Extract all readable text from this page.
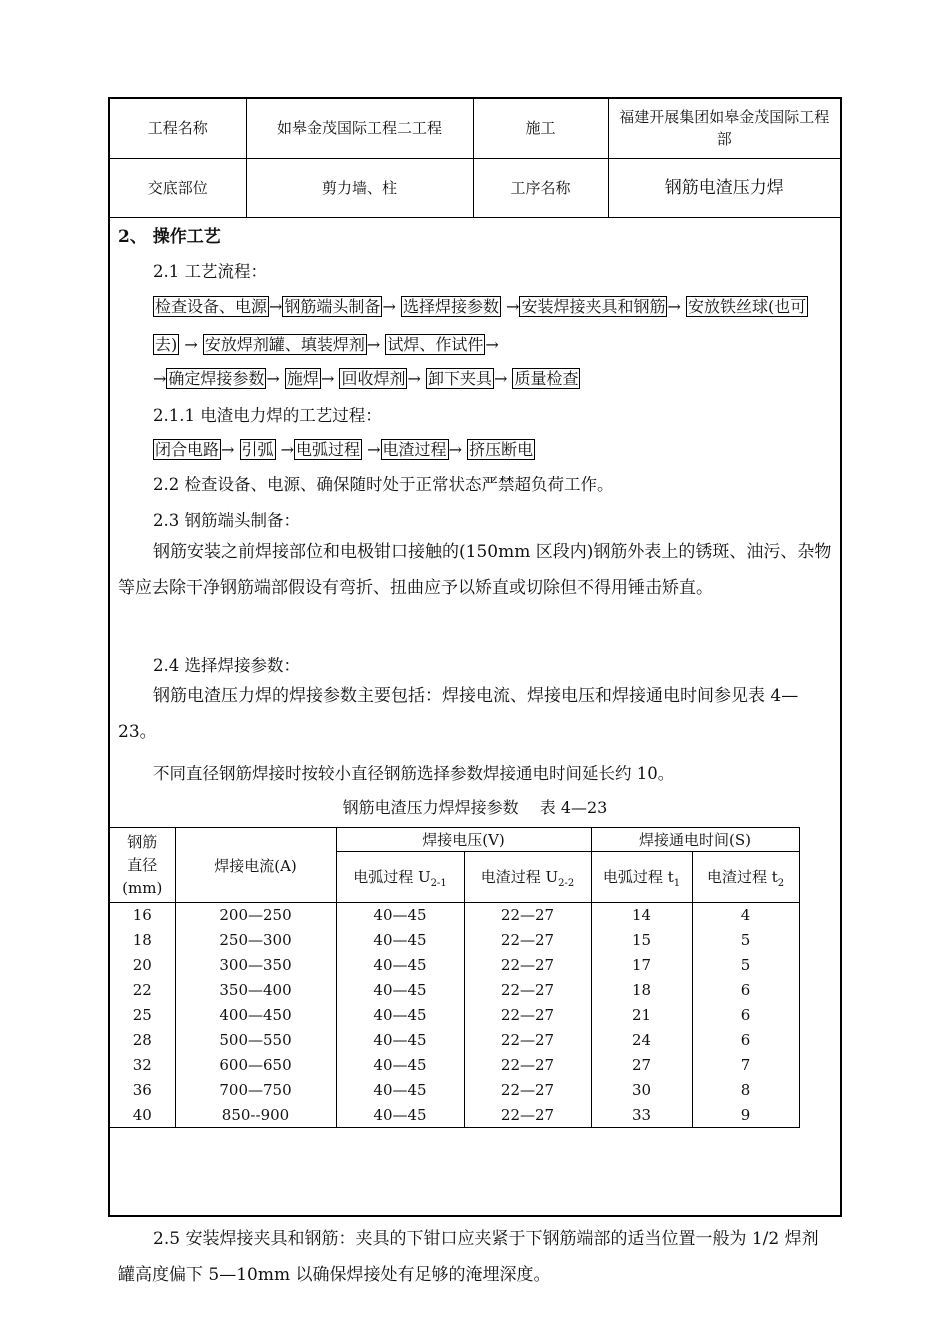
工程名称	如皋金茂国际工程二工程	施工	福建开展集团如皋金茂国际工程部
交底部位	剪力墙、柱	工序名称	钢筋电渣压力焊
2、 操作工艺
2.1 工艺流程：
检查设备、电源 → 钢筋端头制备 → 选择焊接参数 → 安装焊接夹具和钢筋 → 安放铁丝球(也可
去) → 安放焊剂罐、填装焊剂 → 试焊、作试件 →
→ 确定焊接参数 → 施焊 → 回收焊剂 → 卸下夹具 → 质量检查
2.1.1 电渣电力焊的工艺过程：
闭合电路 → 引弧 → 电弧过程 → 电渣过程 → 挤压断电
2.2 检查设备、电源、确保随时处于正常状态严禁超负荷工作。
2.3 钢筋端头制备：
钢筋安装之前焊接部位和电极钳口接触的(150mm 区段内)钢筋外表上的锈斑、油污、杂物等应去除干净钢筋端部假设有弯折、扭曲应予以矫直或切除但不得用锤击矫直。
2.4 选择焊接参数：
钢筋电渣压力焊的焊接参数主要包括：焊接电流、焊接电压和焊接通电时间参见表 4—23。
不同直径钢筋焊接时按较小直径钢筋选择参数焊接通电时间延长约 10。
钢筋电渣压力焊焊接参数　 表 4—23
钢筋
直径
(mm)	焊接电流(A)	焊接电压(V)		焊接通电时间(S)	
		电弧过程 $U_{2-1}$	电渣过程 $U_{2-2}$	电弧过程 $t_1$	电渣过程 $t_2$
16	200—250	40—45	22—27	14	4
18	250—300	40—45	22—27	15	5
20	300—350	40—45	22—27	17	5
22	350—400	40—45	22—27	18	6
25	400—450	40—45	22—27	21	6
28	500—550	40—45	22—27	24	6
32	600—650	40—45	22—27	27	7
36	700—750	40—45	22—27	30	8
40	850--900	40—45	22—27	33	9
2.5 安装焊接夹具和钢筋：夹具的下钳口应夹紧于下钢筋端部的适当位置一般为 1/2 焊剂罐高度偏下 5—10mm 以确保焊接处有足够的淹埋深度。
